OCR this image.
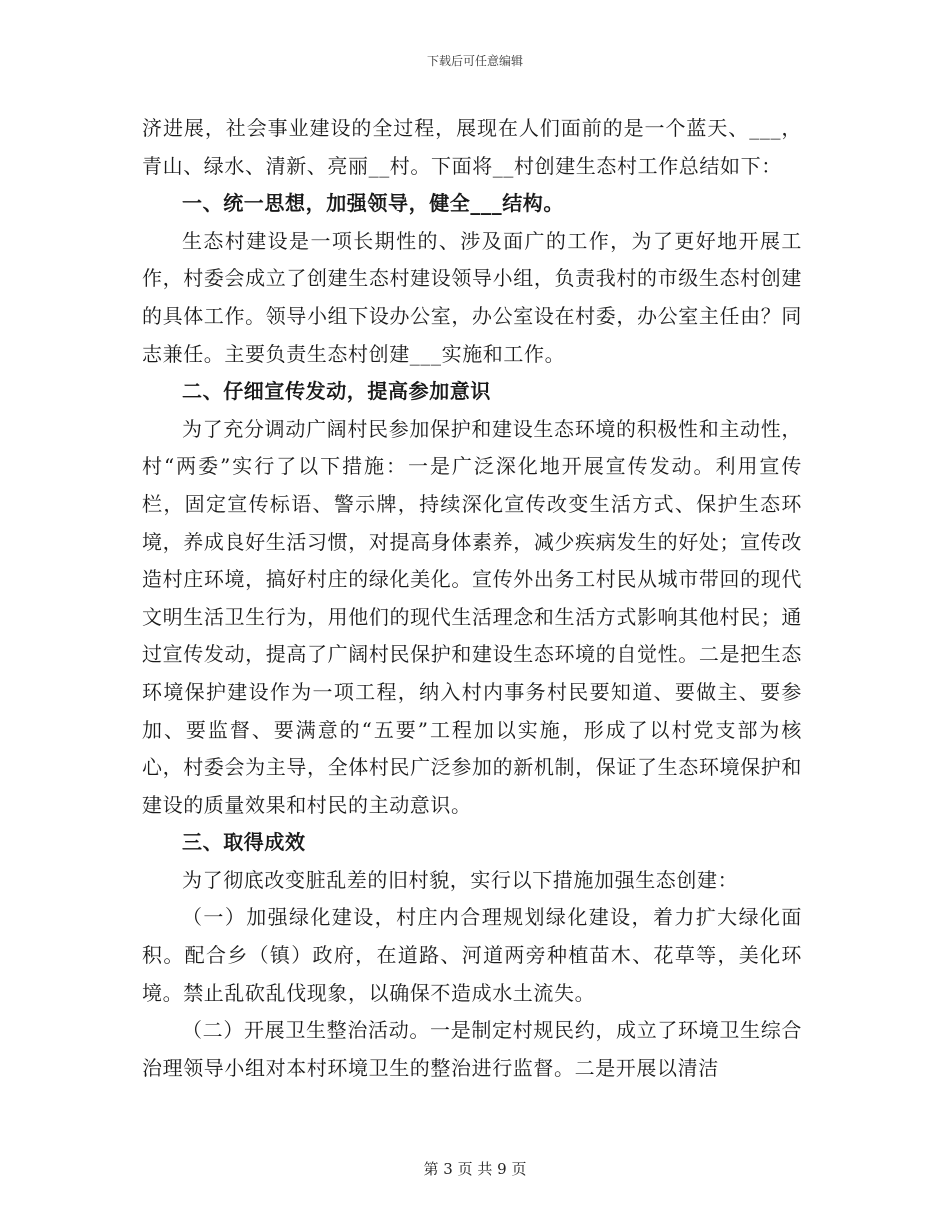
下载后可任意编辑

济进展，社会事业建设的全过程，展现在人们面前的是一个蓝天、___，青山、绿水、清新、亮丽__村。下面将__村创建生态村工作总结如下：

一、统一思想，加强领导，健全___结构。

生态村建设是一项长期性的、涉及面广的工作，为了更好地开展工作，村委会成立了创建生态村建设领导小组，负责我村的市级生态村创建的具体工作。领导小组下设办公室，办公室设在村委，办公室主任由？同志兼任。主要负责生态村创建___实施和工作。

二、仔细宣传发动，提高参加意识

为了充分调动广阔村民参加保护和建设生态环境的积极性和主动性，村“两委”实行了以下措施：一是广泛深化地开展宣传发动。利用宣传栏，固定宣传标语、警示牌，持续深化宣传改变生活方式、保护生态环境，养成良好生活习惯，对提高身体素养，减少疾病发生的好处；宣传改造村庄环境，搞好村庄的绿化美化。宣传外出务工村民从城市带回的现代文明生活卫生行为，用他们的现代生活理念和生活方式影响其他村民；通过宣传发动，提高了广阔村民保护和建设生态环境的自觉性。二是把生态环境保护建设作为一项工程，纳入村内事务村民要知道、要做主、要参加、要监督、要满意的“五要”工程加以实施，形成了以村党支部为核心，村委会为主导，全体村民广泛参加的新机制，保证了生态环境保护和建设的质量效果和村民的主动意识。

三、取得成效

为了彻底改变脏乱差的旧村貌，实行以下措施加强生态创建：

（一）加强绿化建设，村庄内合理规划绿化建设，着力扩大绿化面积。配合乡（镇）政府，在道路、河道两旁种植苗木、花草等，美化环境。禁止乱砍乱伐现象，以确保不造成水土流失。

（二）开展卫生整治活动。一是制定村规民约，成立了环境卫生综合治理领导小组对本村环境卫生的整治进行监督。二是开展以清洁

第 3 页 共 9 页
